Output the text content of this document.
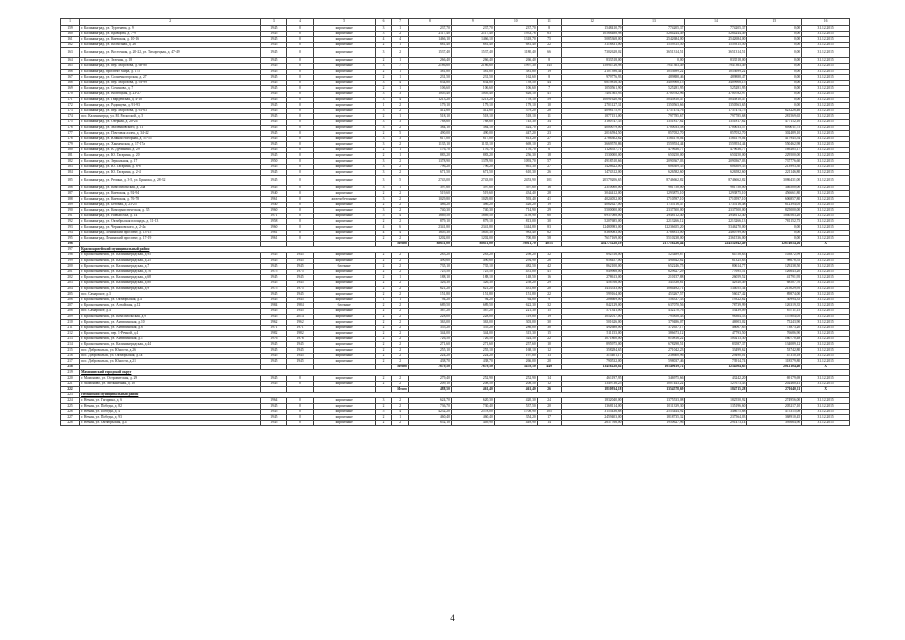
1	2	3	4	5	6	7	8	9	10	11	12	13	14	15	16
159	г. Калининград, ул. Тургенева, д. 9	1945	0	кирпичные	3	1	237,70	237,70	237,70	8	1548410,79	774205,37	774205,37	0,00	31.12.2015
160	г. Калининград, ул. Кравцова, д. 7-9	1945	0	кирпичные	3	2	2117,40	2117,40	1933,76	63	10568488,98	5284244,49	5284244,49	0,00	31.12.2015
161	г. Калининград, ул. Киевская, д. 10-16	1945	0	кирпичные	4	4	1466,10	1466,10	1318,70	75	5085368,00	2542684,00	2542684,00	0,00	31.12.2015
162	г. Калининград, ул. Колхозная, д. 26	1945	0	кирпичные	2	1	681,40	681,40	681,40	22	3118831,00	1559315,50	1559315,50	0,00	31.12.2015
163	г. Калининград, ул. Восточная, д. 20-22, ул. Тихорецкая, д. 47-49	1945	0	кирпичные	3	2	1537,40	1537,40	1180,40	66	7302628,02	3651314,51	3651314,51	0,00	31.12.2015
164	г. Калининград, ул. Зеленая, д. 18	1945	0	кирпичные	2	1	266,40	266,40	266,40	8	833518,00	0,00	833518,00	0,00	31.12.2015
165	г. Калининград, ул. пер. Морозова, д. 68-80	1945	0	кирпичные	3	7	2186,60	2186,60	1997,30	145	15894726,98	7947363,49	7947363,49	0,00	31.12.2015
166	г. Калининград, проспект Мира, д. 175	1945	0	кирпичные	2	1	381,80	381,80	381,80	19	2107396,44	1053699,22	1053699,22	0,00	31.12.2015
167	г. Калининград, ул. Солнечногорская, д. 27	1945	0	кирпичные	2	1	231,50	231,50	162,60	8	979776,93	489888,46	489888,47	0,00	31.12.2015
168	г. Калининград, ул. пер. Морозова, д. 93-99	1945	0	кирпичные	3	4	834,80	834,80	739,50	44	6819816,30	3409908,15	3409908,15	0,00	31.12.2015
169	г. Калининград, ул. Сочинова, д. 7	1945	0	кирпичные	2	1	106,60	106,60	106,60	7	1050561,90	525281,95	525281,95	0,00	31.12.2015
170	г. Калининград, ул. Волгоцкая, д. 23-27	1945	0	кирпичные	3	3	1005,40	1005,40	626,10	41	7401565,93	3700782,96	3700782,97	0,00	31.12.2015
171	г. Калининград, ул. Гвардейская, д. 4-10	1945	0	кирпичные	3	4	1213,20	1213,20	778,10	59	10091620,94	5045810,47	5045810,47	0,00	31.12.2015
172	г. Калининград, ул. Радищева, д. 91-93	1945	0	кирпичные	1	2	179,10	179,10	179,10	10	2701127,31	1350563,66	1350563,65	0,00	31.12.2015
173	г. Калининград, ул. пер. Морозова, д. 61-63	1945	0	кирпичные	3	2	412,60	412,60	379,20	28	4098175,97	1737474,76	1737474,75	623226,46	31.12.2015
174	пос. Калининград, ул. М. Раскоской, д. 5	1945	0	кирпичные	2	1	518,10	518,10	518,10	11	1877151,00	797785,67	797785,68	281569,65	31.12.2015
175	г. Калининград, ул. Озерная, д. 20-24	1945	0	кирпичные	3	3	788,60	788,60	745,30	34	3180747,35	1351817,62	1351817,62	477112,10	31.12.2015
176	г. Калининград, ул. Маленковского, д. 11	1945	0	кирпичные	3	2	384,10	384,10	424,70	25	4000079,00	1700033,58	1700033,57	600011,75	31.12.2015
177	г. Калининград, ул. Почтовая аллея, д. 34-42	1945	0	кирпичные	2	5	490,00	490,00	447,20	23	2016594,50	857052,70	857052,70	302489,10	31.12.2015
178	г. Калининград, ул. Южная Нагорная, д. 51-55	1945	0	кирпичные	3	3	617,00	617,00	613,20	27	2786302,62	1184178,04	1184179,04	417945,54	31.12.2015
179	г. Калининград, ул. Ханменская, д. 17-17а	1945	0	кирпичные	3	2	1135,10	1135,10	669,10	25	3669570,86	1559554,44	1559554,44	550462,98	31.12.2015
180	г. Калининград, ул. В. Дубинина, д. 29	1945	0	кирпичные	2	1	176,70	176,70	176,70	6	1128557,71	479636,77	479636,77	169285,17	31.12.2015
181	г. Калининград, ул. Ю. Гагарина, д. 20	1945	0	кирпичные	2	1	883,20	883,20	256,30	18	1530000,00	650250,00	650250,00	229500,00	31.12.2015
182	г. Калининград, ул. Зеркальная, д. 17	1950	0	кирпичные	3	2	1378,90	1378,90	1093,70	57	4918510,66	2090367,03	2090367,03	737776,60	31.12.2015
183	г. Калининград, ул. Ю. Гагарина, д. 6-8	1945	0	кирпичные	3	2	796,20	796,20	661,30	27	1426622,00	606309,35	606309,35	213993,30	31.12.2015
184	г. Калининград, ул. Ю. Гагарина, д. 2-4	1945	0	кирпичные	3	2	671,50	671,50	610,30	26	1474312,00	626582,60	626582,60	221146,80	31.12.2015
185	г. Калининград, ул. Репина, д. 3-5, ул. Брянска, д. 28-32	1945	0	кирпичные	3	5	2743,00	2743,00	2453,90	101	20579206,65	8746662,82	8746662,82	3086431,00	31.12.2015
186	г. Калининград, ул. Комсомольская, д. 24а	1945	0	кирпичные	3	1	397,60	397,60	397,60	16	2310000,00	981750,00	981750,00	346500,00	31.12.2015
187	г. Калининград, ул. Киевская, д. 92-94	1940	0	кирпичные	2	2	519,60	519,60	434,40	28	3044412,00	1293875,10	1293875,10	456661,80	31.12.2015
188	г. Калининград, ул. Киевская, д. 76-78	1961	0	железобетонные	3	2	1029,80	1029,80	593,40	41	4024052,00	1710597,10	1710597,10	606857,80	31.12.2015
189	г. Калининград, ул. Беговая, д. 23-25	1940	0	кирпичные	2	2	486,20	486,20	426,20	19	4082627,00	1735116,47	1735116,48	612394,05	31.12.2015
190	г. Калининград, ул. Коммунистическая, д. 35	1960	0	кирпичные	3	2	740,30	740,30	714,90	29	5500000,00	2337500,00	2337500,00	825000,00	31.12.2015
191	г. Калининград, ул. Новый Вал, д. 14	1971	0	кирпичные	5	4	1669,50	1669,50	1159,90	60	6937088,00	2948112,40	2948112,40	1040563,20	31.12.2015
192	г. Калининград, ул. Октябрьская площадь, д. 11-13	1958	0	кирпичные	2	2	879,10	879,10	813,00	30	5207685,00	2213266,12	2213266,13	781152,75	31.12.2015
193	г. Калининград, ул. Черняховского, д. 2-4а	1960	0	кирпичные	4	6	2341,80	2341,80	1444,80	83	12480983,00	12236655,20	5346270,00	0,00	31.12.2015
194	г. Калининград, Ленинский проспект, д. 13-15	1961	0	кирпичные	4	4	1605,30	1605,30	983,40	62	8369083,00	3788813,00	2480799,00	0,00	31.12.2015
195	г. Калининград, Ленинский проспект, д. 17-19	1961	0	кирпичные	2	2	1202,00	1202,00	700,80	58	7617169,00	5510238,00	2361536,00	0,00	31.12.2015
196						Итого	88611,00	88611,00	79011,70	4013	454775228,19	217716226,44	224552942,49	12674054,26	Х
197	Красноармейский муниципальный район														
198	г. Краснознаменск, ул. Калининградская, д.95	1945	1945	кирпичные	2	2	283,20	283,20	298,20	32	692516,00	523489,87	64758,63	103872,99	31.12.2015
199	г. Краснознаменск, ул. Калининградская, д.25	1945	1945	кирпичные	2	2	490,60	490,60	294,90	26	658457,00	494642,82	61325,63	98678,55	31.12.2015
200	г. Краснознаменск, ул. Калининградская, д.7	1945	1945	блочные	2	2	735,10	735,10	482,50	42	862100,00	652246,75	80614,77	129238,50	31.12.2015
201	г. Краснознаменск, ул. Калининградская, д.76	1975	1975	кирпичные	2	2	725,50	725,50	431,00	41	849968,00	629627,29	77695,51	126643,20	31.12.2015
202	г. Краснознаменск, ул. Калининградская, д.68	1945	1945	кирпичные	2	1	188,10	188,10	148,50	16	278613,00	210157,88	26059,52	41791,95	31.12.2015
203	г. Краснознаменск, ул. Калининградская, д.80	1945	1945	кирпичные	2	2	326,30	326,30	258,20	29	456766,00	345338,61	42920,49	68507,70	31.12.2015
204	г. Краснознаменск, ул. Калининградская, д.9	1975	1975	кирпичные	2	2	621,20	621,20	431,80	20	1433533,00	1084492,71	134055,34	215029,95	31.12.2015
205	пос. Самарское, д.3	1945	1945	кирпичные	2	2	151,80	151,80	151,80	22	599164,00	453267,57	56027,42	89874,00	31.12.2015
206	г. Краснознаменск, ул. Октябрьская, д.4	1945	1945	кирпичные	1	1	94,20	94,20	64,80	9	206669,00	156337,33	19322,62	30994,35	31.12.2015
207	г. Краснознаменск, ул. Алтайская, д.12	1984	1984	блочные	2	2	689,50	689,50	622,30	32	842129,00	637070,56	78739,99	126319,35	31.12.2015
208	пос. Самарское, д.4	1945	1945	кирпичные	2	2	367,20	367,20	221,30	15	571341,00	432270,76	53439,09	85711,15	31.12.2015
209	г. Краснознаменск, ул. Комсомольская, д.9	1945	2014	кирпичные	2	2	228,00	228,00	119,80	19	1052017,00	795858,43	98364,53	157804,05	31.12.2015
210	г. Краснознаменск, ул. Антипинская, д.10	1962	1962	кирпичные	2	2	363,00	363,00	303,00	30	501626,00	379486,07	46903,02	75243,90	31.12.2015
211	г. Краснознаменск, ул. Антипинская, д.6	1971	1971	кирпичные	2	2	355,20	355,20	286,00	30	492688,00	372657,17	46067,65	73873,20	31.12.2015
212	г. Краснознаменск, пер. 1-Речной, д.4	1982	1982	кирпичные	2	2	344,00	344,00	315,30	15	511153,00	386673,12	47793,50	76686,90	31.12.2015
213	г. Краснознаменск, ул. Антипинская, д.1	1976	1976	кирпичные	2	2	726,50	726,50	524,50	22	1071800,00	810816,22	100213,30	160770,48	31.12.2015
214	г. Краснознаменск, ул. Калининградская, д.44	1945	1945	кирпичные	2	2	271,60	271,60	257,60	10	895975,00	678298,51	83587,37	134089,12	31.12.2015
215	пос. Добровольск, ул. Юности, д.26	1945	1945	кирпичные	2	2	255,10	255,10	168,10	12	358284,65	271042,23	33499,62	53742,80	31.12.2015
216	пос. Добровольск, ул. Октябрьская, д.1а	1945	1945	кирпичные	2	2	224,20	224,20	197,80	13	315401,17	238600,96	29490,01	47310,18	31.12.2015
217	пос. Добровольск, ул. Юности, д.21	1945	1945	кирпичные	2	2	438,70	438,70	266,00	20	790532,00	598037,46	73914,74	118579,80	31.12.2015
218						Итого	7679,50	7679,50	5478,10	449	13416228,82	10149619,72	1254504,65	2012104,40	Х
219	Мамоновский городской округ														
220	г. Мамоново, ул. Островитская, д. 29	1945	0	кирпичные	2	2	279,40	252,90	252,90	14	461197,95	346975,66	43242,20	69179,69	31.12.2015
221	г. Мамоново, ул. Мельничная, д. 10	1945	0	кирпичные	2	2	209,10	208,50	208,50	12	1349736,25	1007443,22	127673,43	202460,41	31.12.2015
222						Итого	488,50	461,40	461,40	26	1810934,18	1354578,69	184715,28	271640,11	Х
223	Неманский муниципальный район														
224	г. Неман, ул. Гагарина, д. 6	1964	0	кирпичные	3	2	624,70	620,30	420,30	24	1832040,00	1375533,08	182550,92	274956,00	31.12.2015
225	г. Неман, ул. Победы, д. 82	1945	0	кирпичные	2	2	736,70	730,40	537,50	20	1368114,00	1011339,30	135196,60	205217,10	31.12.2015
226	г. Неман, ул. Победы, д. 4	1945	0	кирпичные	5	4	4232,20	2578,00	1708,90	105	3155436,68	2553444,92	348675,68	475315,08	31.12.2015
227	г. Неман, ул. Победы, д. 93	1945	0	кирпичные	2	1	460,40	460,40	354,20	17	2459403,00	1818735,32	237564,03	368910,45	31.12.2015
228	г. Неман, ул. Октябрьская, д.4	1945	0	кирпичные	2	2	652,10	449,90	449,90	14	2637766,00	1950627,96	291473,14	395664,90	31.12.2015
4
